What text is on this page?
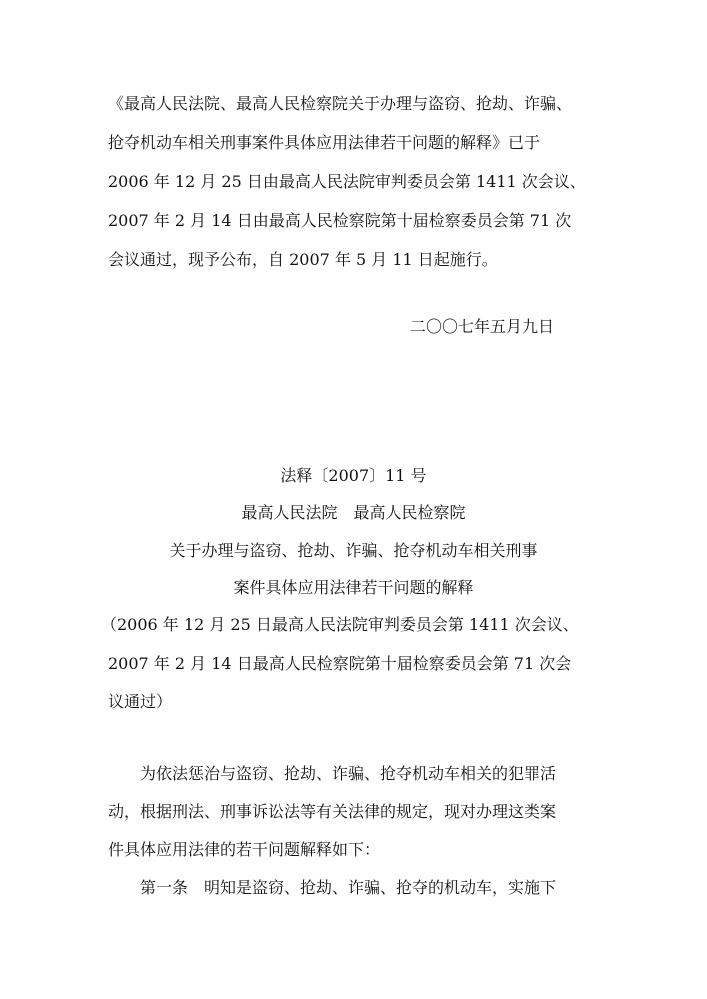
《最高人民法院、最高人民检察院关于办理与盗窃、抢劫、诈骗、
抢夺机动车相关刑事案件具体应用法律若干问题的解释》已于
2006 年 12 月 25 日由最高人民法院审判委员会第 1411 次会议、
2007 年 2 月 14 日由最高人民检察院第十届检察委员会第 71 次
会议通过，现予公布，自 2007 年 5 月 11 日起施行。
二〇〇七年五月九日
法释〔2007〕11 号
最高人民法院　最高人民检察院
关于办理与盗窃、抢劫、诈骗、抢夺机动车相关刑事
案件具体应用法律若干问题的解释
（2006 年 12 月 25 日最高人民法院审判委员会第 1411 次会议、
2007 年 2 月 14 日最高人民检察院第十届检察委员会第 71 次会
议通过）
为依法惩治与盗窃、抢劫、诈骗、抢夺机动车相关的犯罪活
动，根据刑法、刑事诉讼法等有关法律的规定，现对办理这类案
件具体应用法律的若干问题解释如下：
第一条　明知是盗窃、抢劫、诈骗、抢夺的机动车，实施下
